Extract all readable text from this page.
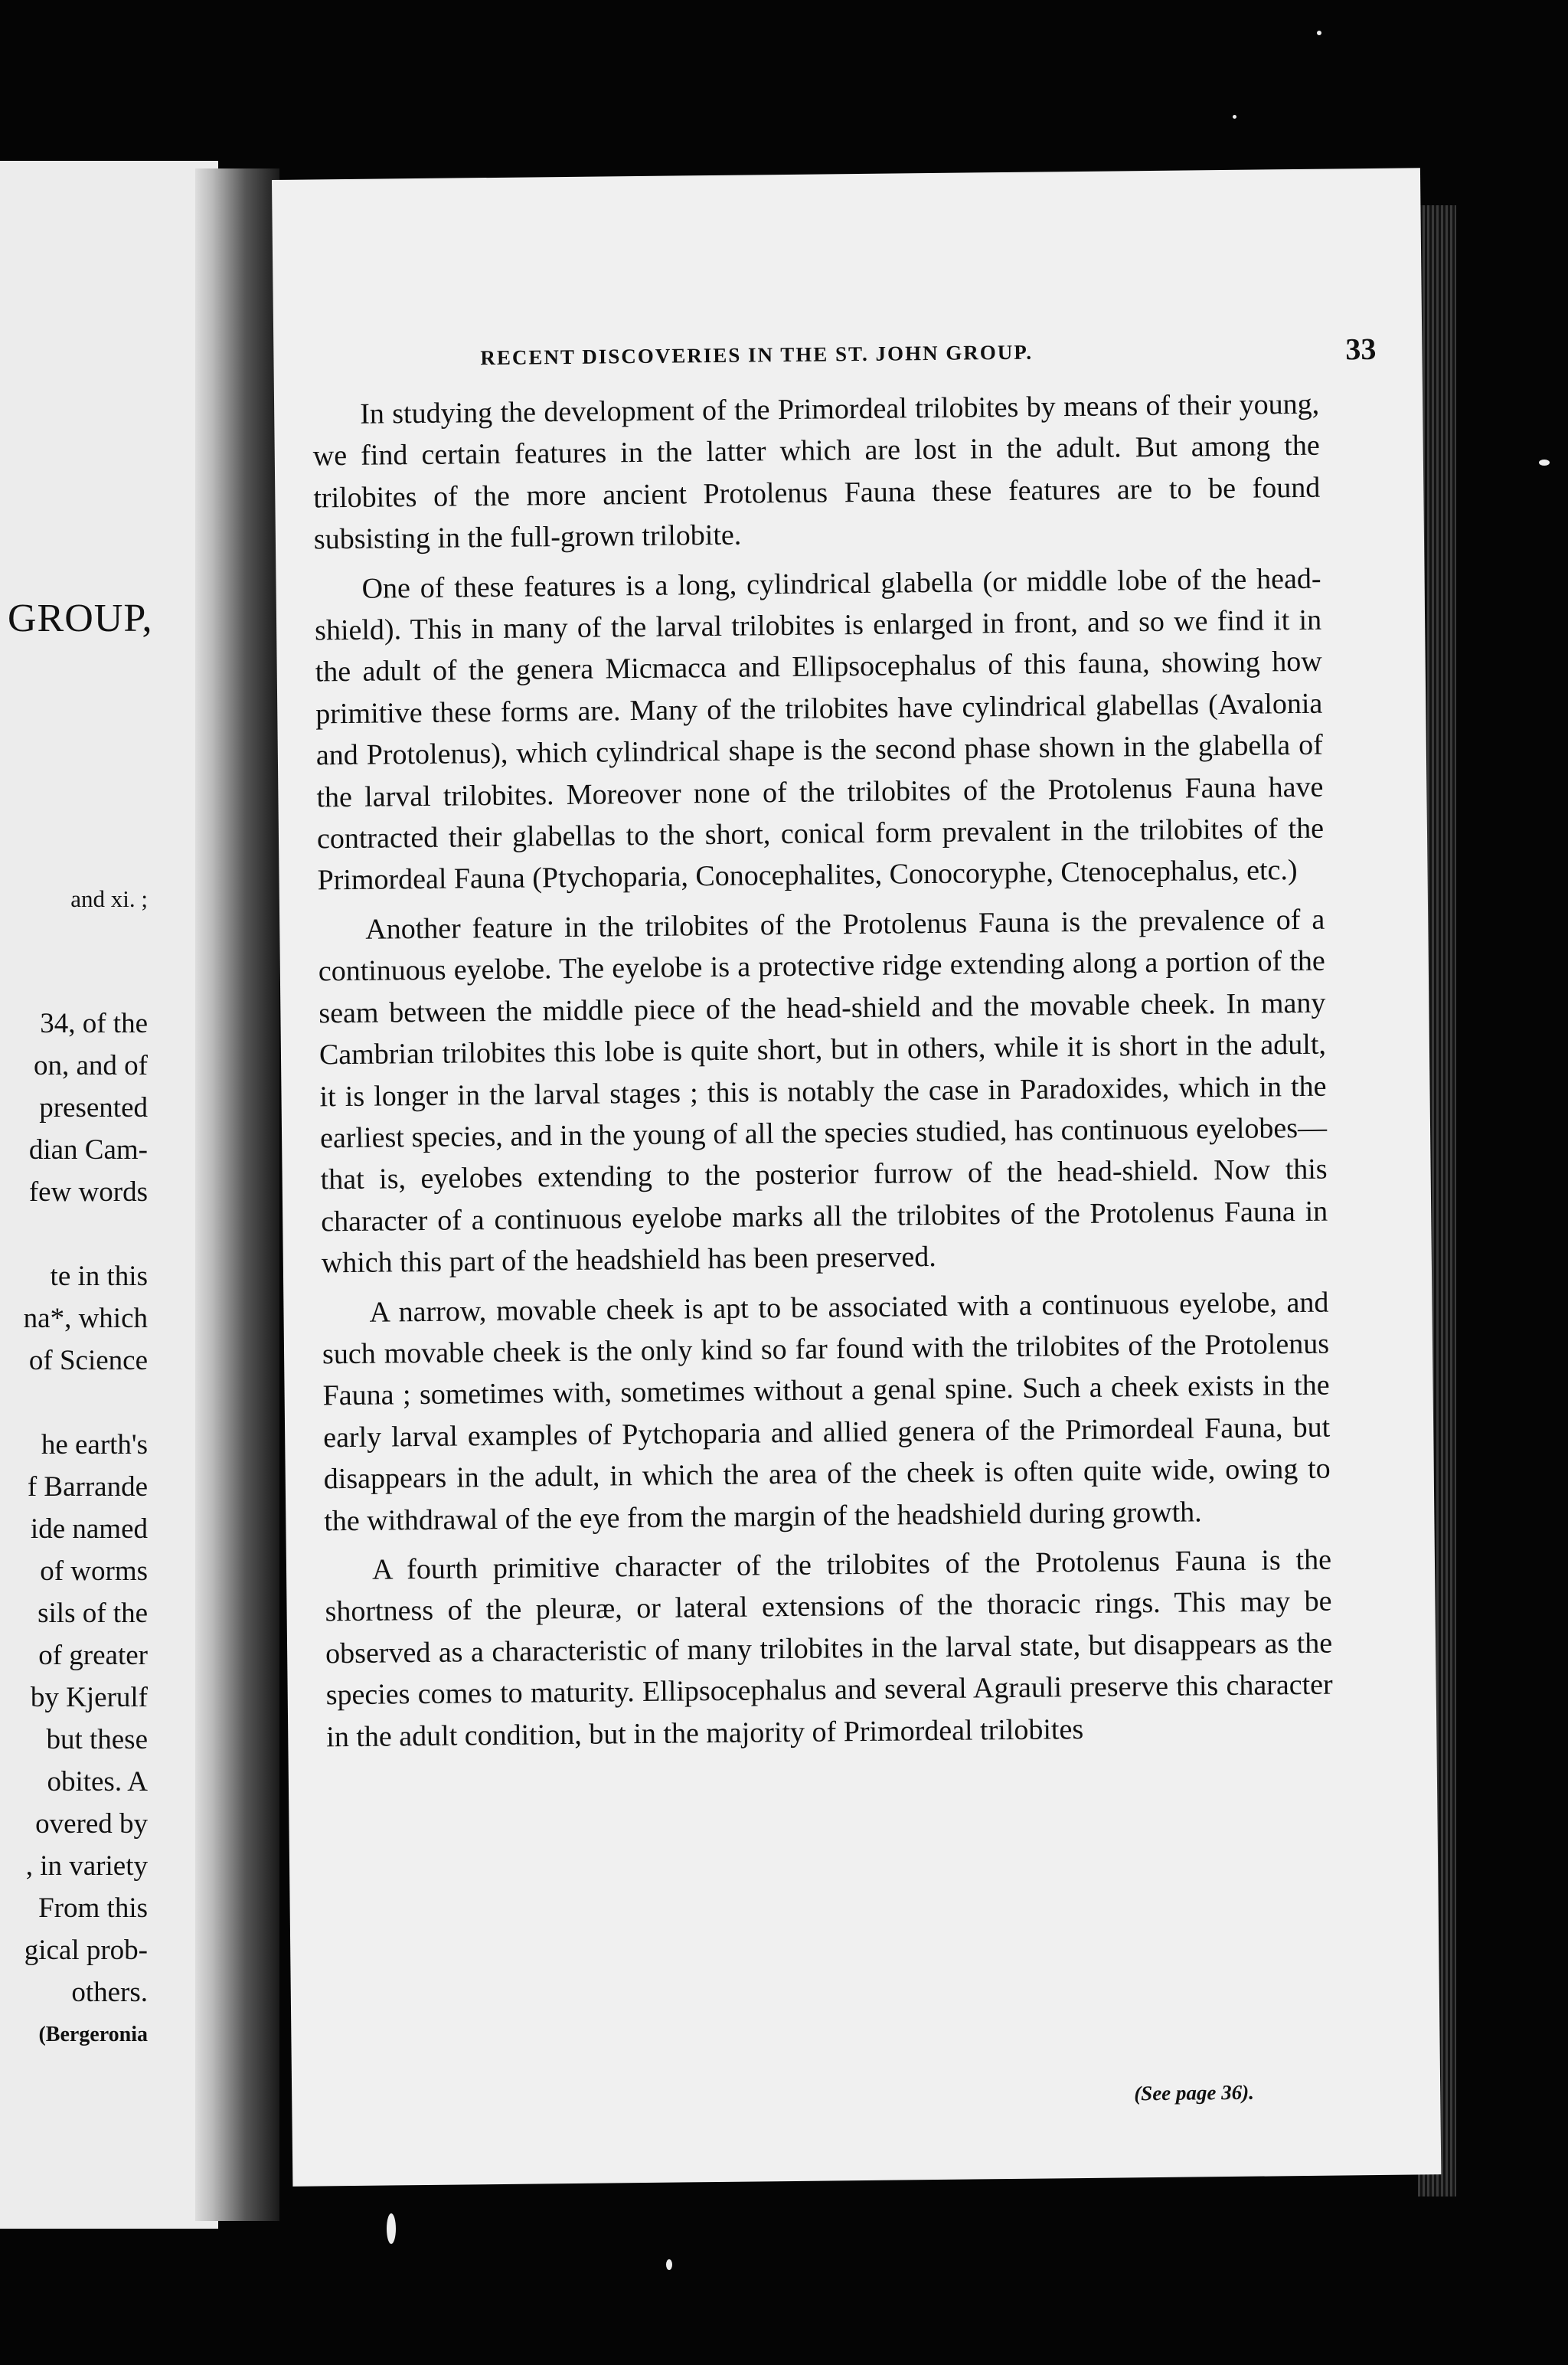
GROUP,
and xi. ;
34, of the
on, and of
presented
dian Cam-
few words
te in this
na*, which
of Science
he earth's
f Barrande
ide named
of worms
sils of the
of greater
by Kjerulf
but these
obites. A
overed by
, in variety
From this
gical prob-
others.
(Bergeronia
RECENT DISCOVERIES IN THE ST. JOHN GROUP.	33

In studying the development of the Primordeal trilobites by means of their young, we find certain features in the latter which are lost in the adult. But among the trilobites of the more ancient Protolenus Fauna these features are to be found subsisting in the full-grown trilobite.

One of these features is a long, cylindrical glabella (or middle lobe of the head-shield). This in many of the larval trilobites is enlarged in front, and so we find it in the adult of the genera Micmacca and Ellipsocephalus of this fauna, showing how primitive these forms are. Many of the trilobites have cylindrical glabellas (Avalonia and Protolenus), which cylindrical shape is the second phase shown in the glabella of the larval trilobites. Moreover none of the trilobites of the Protolenus Fauna have contracted their glabellas to the short, conical form prevalent in the trilobites of the Primordeal Fauna (Ptychoparia, Conocephalites, Conocoryphe, Ctenocephalus, etc.)

Another feature in the trilobites of the Protolenus Fauna is the prevalence of a continuous eyelobe. The eyelobe is a protective ridge extending along a portion of the seam between the middle piece of the head-shield and the movable cheek. In many Cambrian trilobites this lobe is quite short, but in others, while it is short in the adult, it is longer in the larval stages ; this is notably the case in Paradoxides, which in the earliest species, and in the young of all the species studied, has continuous eyelobes—that is, eyelobes extending to the posterior furrow of the head-shield. Now this character of a continuous eyelobe marks all the trilobites of the Protolenus Fauna in which this part of the headshield has been preserved.

A narrow, movable cheek is apt to be associated with a continuous eyelobe, and such movable cheek is the only kind so far found with the trilobites of the Protolenus Fauna ; sometimes with, sometimes without a genal spine. Such a cheek exists in the early larval examples of Pytchoparia and allied genera of the Primordeal Fauna, but disappears in the adult, in which the area of the cheek is often quite wide, owing to the withdrawal of the eye from the margin of the headshield during growth.

A fourth primitive character of the trilobites of the Protolenus Fauna is the shortness of the pleuræ, or lateral extensions of the thoracic rings. This may be observed as a characteristic of many trilobites in the larval state, but disappears as the species comes to maturity. Ellipsocephalus and several Agrauli preserve this character in the adult condition, but in the majority of Primordeal trilobites

(See page 36).
